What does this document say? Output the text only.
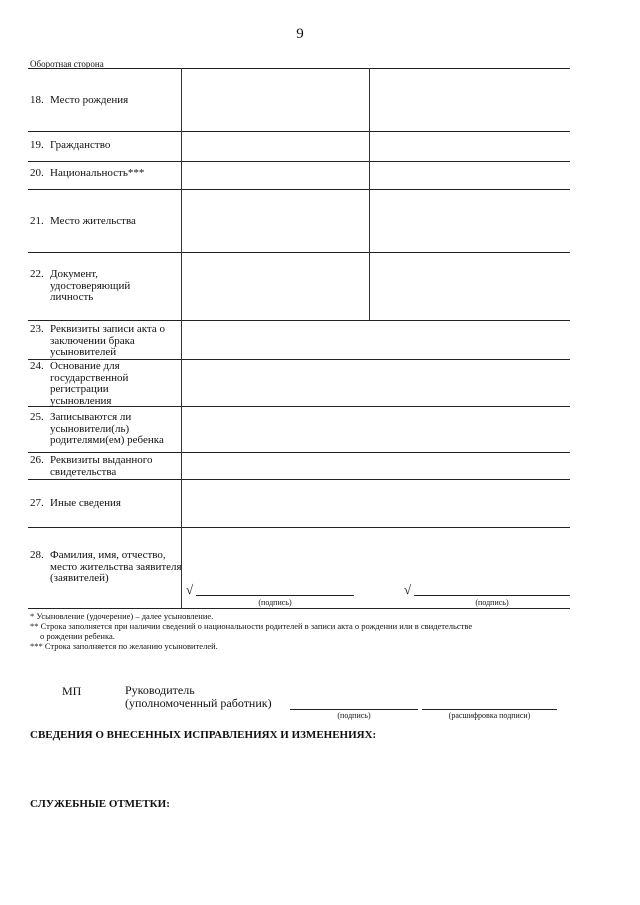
9
Оборотная сторона
18. Место рождения
19. Гражданство
20. Национальность***
21. Место жительства
22. Документ, удостоверяющий личность
23. Реквизиты записи акта о заключении брака усыновителей
24. Основание для государственной регистрации усыновления
25. Записываются ли усыновители(ль) родителями(ем) ребенка
26. Реквизиты выданного свидетельства
27. Иные сведения
28. Фамилия, имя, отчество, место жительства заявителя (заявителей)
√
(подпись)
√
(подпись)
* Усыновление (удочерение) – далее усыновление.
** Строка заполняется при наличии сведений о национальности родителей в записи акта о рождении или в свидетельстве
о рождении ребенка.
*** Строка заполняется по желанию усыновителей.
МП	Руководитель
(уполномоченный работник)
(подпись)	(расшифровка подписи)
СВЕДЕНИЯ О ВНЕСЕННЫХ ИСПРАВЛЕНИЯХ И ИЗМЕНЕНИЯХ:
СЛУЖЕБНЫЕ ОТМЕТКИ:
